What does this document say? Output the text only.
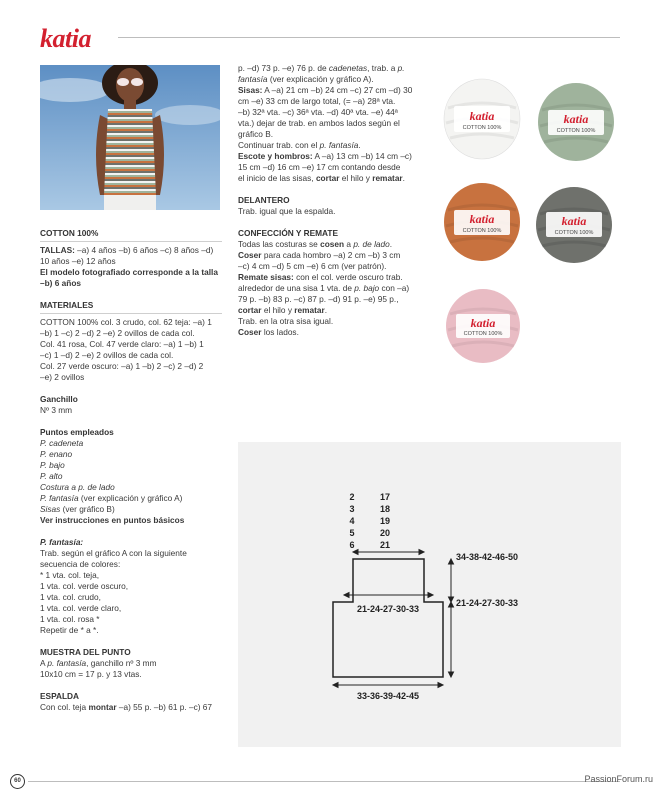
katia

COTTON 100%

TALLAS: –a) 4 años –b) 6 años –c) 8 años –d) 10 años –e) 12 años

El modelo fotografiado corresponde a la talla –b) 6 años

MATERIALES

COTTON 100% col. 3 crudo, col. 62 teja: –a) 1

–b) 1 –c) 2 –d) 2 –e) 2 ovillos de cada col.

Col. 41 rosa, Col. 47 verde claro: –a) 1 –b) 1

–c) 1 –d) 2 –e) 2 ovillos de cada col.

Col. 27 verde oscuro: –a) 1 –b) 2 –c) 2 –d) 2

–e) 2 ovillos

Ganchillo

Nº 3 mm

Puntos empleados

P. cadeneta

P. enano

P. bajo

P. alto

Costura a p. de lado

P. fantasía (ver explicación y gráfico A)

Sisas (ver gráfico B)

Ver instrucciones en puntos básicos

P. fantasía:

Trab. según el gráfico A con la siguiente

secuencia de colores:

* 1 vta. col. teja,

1 vta. col. verde oscuro,

1 vta. col. crudo,

1 vta. col. verde claro,

1 vta. col. rosa *

Repetir de * a *.

MUESTRA DEL PUNTO

A p. fantasía, ganchillo nº 3 mm

10x10 cm = 17 p. y 13 vtas.

ESPALDA

Con col. teja montar –a) 55 p. –b) 61 p. –c) 67

p. –d) 73 p. –e) 76 p. de cadenetas, trab. a p.

fantasía (ver explicación y gráfico A).

Sisas: A –a) 21 cm –b) 24 cm –c) 27 cm –d) 30

cm –e) 33 cm de largo total, (= –a) 28ª vta.

–b) 32ª vta. –c) 36ª vta. –d) 40ª vta. –e) 44ª

vta.) dejar de trab. en ambos lados según el

gráfico B.

Continuar trab. con el p. fantasía.

Escote y hombros: A –a) 13 cm –b) 14 cm –c)

15 cm –d) 16 cm –e) 17 cm contando desde

el inicio de las sisas, cortar el hilo y rematar.

DELANTERO

Trab. igual que la espalda.

CONFECCIÓN Y REMATE

Todas las costuras se cosen a p. de lado.

Coser para cada hombro –a) 2 cm –b) 3 cm

–c) 4 cm –d) 5 cm –e) 6 cm (ver patrón).

Remate sisas: con el col. verde oscuro trab.

alrededor de una sisa 1 vta. de p. bajo con –a)

79 p. –b) 83 p. –c) 87 p. –d) 91 p. –e) 95 p.,

cortar el hilo y rematar.

Trab. en la otra sisa igual.

Coser los lados.

katia
COTTON 100%
katia
COTTON 100%
katia
COTTON 100%
katia
COTTON 100%
katia
COTTON 100%
2
3
4
5
6
17
18
19
20
21
21-24-27-30-33
34-38-42-46-50
21-24-27-30-33
33-36-39-42-45
60	PassionForum.ru
